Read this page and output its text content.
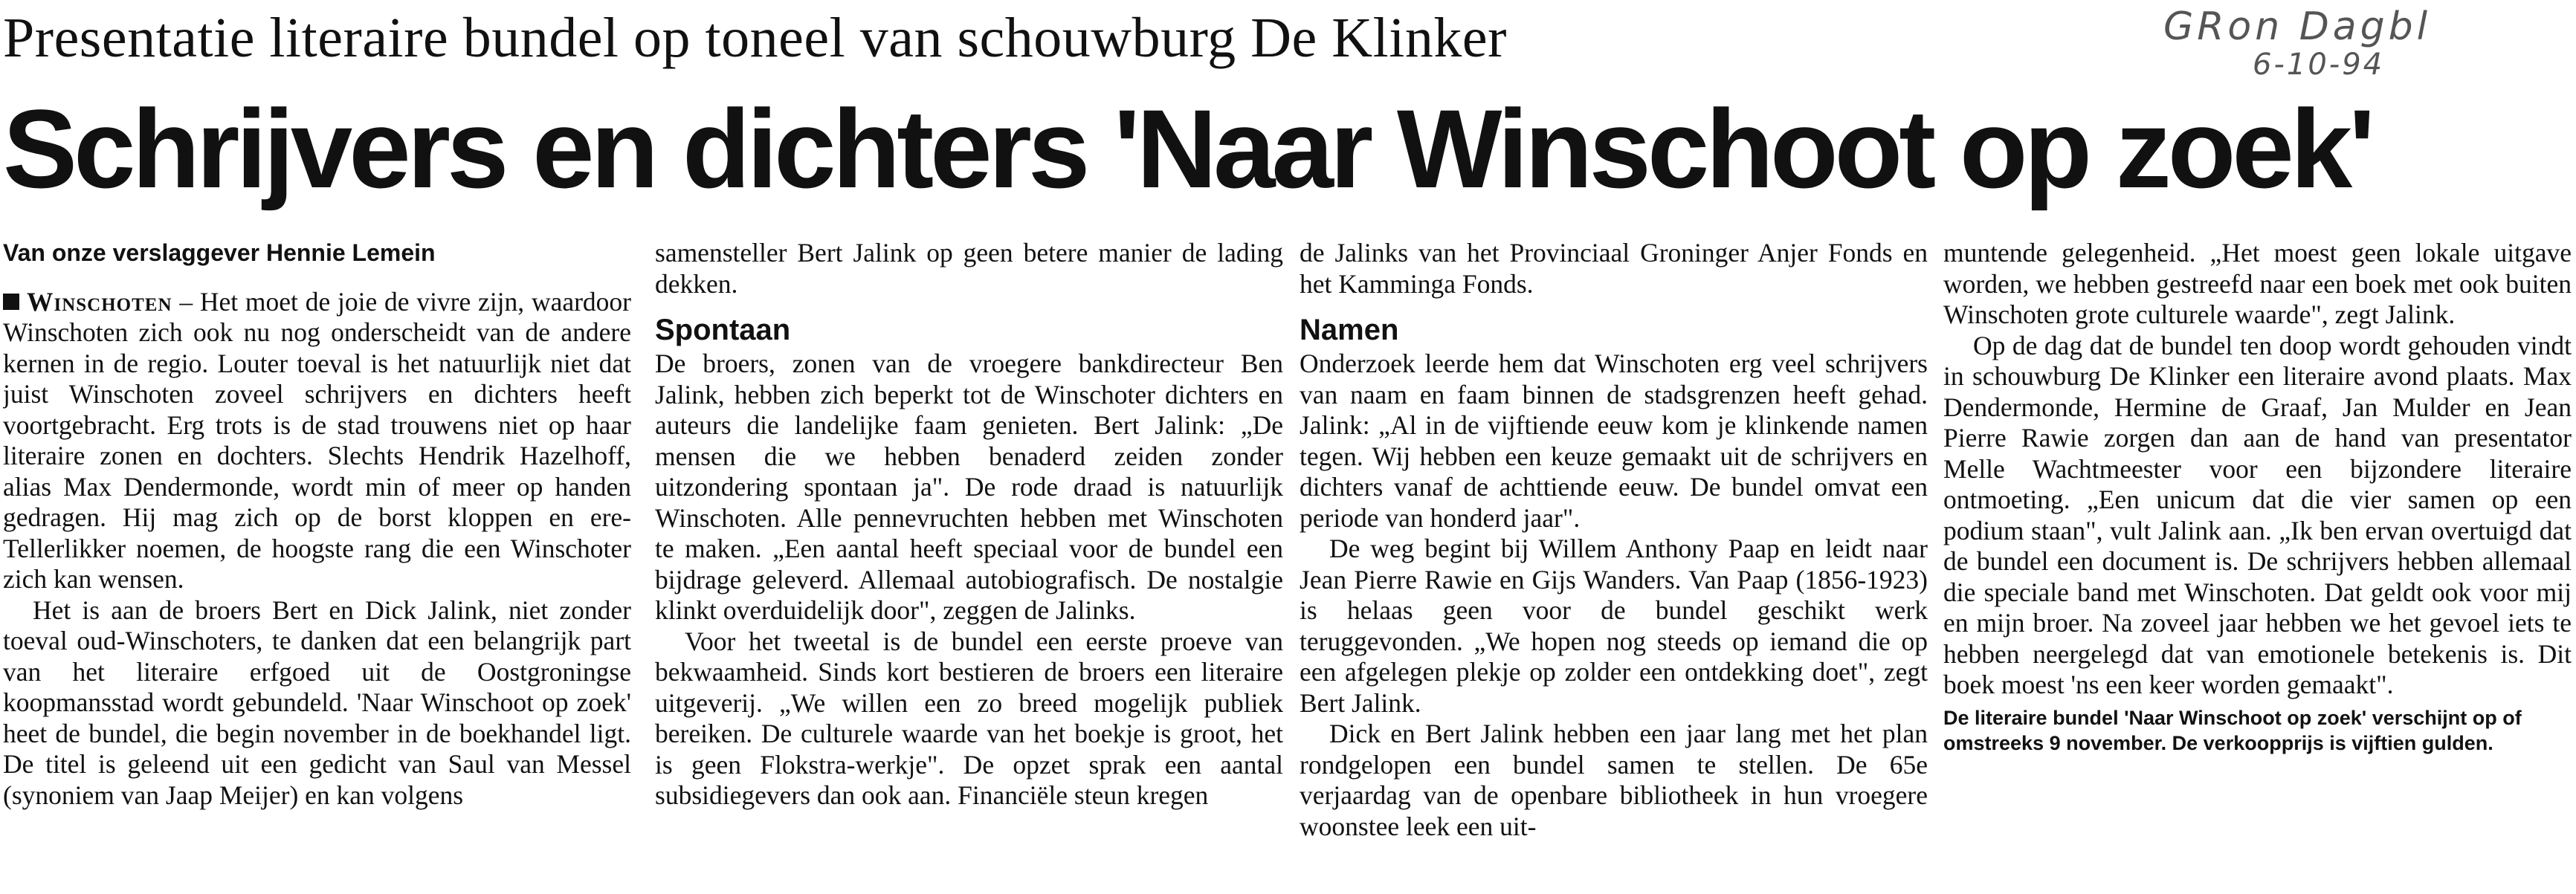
Presentatie literaire bundel op toneel van schouwburg De Klinker	GRon Dagbl
6-10-94
Schrijvers en dichters 'Naar Winschoot op zoek'
Van onze verslaggever Hennie Lemein

Winschoten – Het moet de joie de vivre zijn, waardoor Winschoten zich ook nu nog onderscheidt van de andere kernen in de regio. Louter toeval is het natuurlijk niet dat juist Winschoten zoveel schrijvers en dichters heeft voortgebracht. Erg trots is de stad trouwens niet op haar literaire zonen en dochters. Slechts Hendrik Hazelhoff, alias Max Dendermonde, wordt min of meer op handen gedragen. Hij mag zich op de borst kloppen en ere-Tellerlikker noemen, de hoogste rang die een Winschoter zich kan wensen.

Het is aan de broers Bert en Dick Jalink, niet zonder toeval oud-Winschoters, te danken dat een belangrijk part van het literaire erfgoed uit de Oostgroningse koopmansstad wordt gebundeld. 'Naar Winschoot op zoek' heet de bundel, die begin november in de boekhandel ligt. De titel is geleend uit een gedicht van Saul van Messel (synoniem van Jaap Meijer) en kan volgens

samensteller Bert Jalink op geen betere manier de lading dekken.

Spontaan

De broers, zonen van de vroegere bankdirecteur Ben Jalink, hebben zich beperkt tot de Winschoter dichters en auteurs die landelijke faam genieten. Bert Jalink: „De mensen die we hebben benaderd zeiden zonder uitzondering spontaan ja". De rode draad is natuurlijk Winschoten. Alle pennevruchten hebben met Winschoten te maken. „Een aantal heeft speciaal voor de bundel een bijdrage geleverd. Allemaal autobiografisch. De nostalgie klinkt overduidelijk door", zeggen de Jalinks.

Voor het tweetal is de bundel een eerste proeve van bekwaamheid. Sinds kort bestieren de broers een literaire uitgeverij. „We willen een zo breed mogelijk publiek bereiken. De culturele waarde van het boekje is groot, het is geen Flokstra-werkje". De opzet sprak een aantal subsidiegevers dan ook aan. Financiële steun kregen

de Jalinks van het Provinciaal Groninger Anjer Fonds en het Kamminga Fonds.

Namen

Onderzoek leerde hem dat Winschoten erg veel schrijvers van naam en faam binnen de stadsgrenzen heeft gehad. Jalink: „Al in de vijftiende eeuw kom je klinkende namen tegen. Wij hebben een keuze gemaakt uit de schrijvers en dichters vanaf de achttiende eeuw. De bundel omvat een periode van honderd jaar".

De weg begint bij Willem Anthony Paap en leidt naar Jean Pierre Rawie en Gijs Wanders. Van Paap (1856-1923) is helaas geen voor de bundel geschikt werk teruggevonden. „We hopen nog steeds op iemand die op een afgelegen plekje op zolder een ontdekking doet", zegt Bert Jalink.

Dick en Bert Jalink hebben een jaar lang met het plan rondgelopen een bundel samen te stellen. De 65e verjaardag van de openbare bibliotheek in hun vroegere woonstee leek een uit-

muntende gelegenheid. „Het moest geen lokale uitgave worden, we hebben gestreefd naar een boek met ook buiten Winschoten grote culturele waarde", zegt Jalink.

Op de dag dat de bundel ten doop wordt gehouden vindt in schouwburg De Klinker een literaire avond plaats. Max Dendermonde, Hermine de Graaf, Jan Mulder en Jean Pierre Rawie zorgen dan aan de hand van presentator Melle Wachtmeester voor een bijzondere literaire ontmoeting. „Een unicum dat die vier samen op een podium staan", vult Jalink aan. „Ik ben ervan overtuigd dat de bundel een document is. De schrijvers hebben allemaal die speciale band met Winschoten. Dat geldt ook voor mij en mijn broer. Na zoveel jaar hebben we het gevoel iets te hebben neergelegd dat van emotionele betekenis is. Dit boek moest 'ns een keer worden gemaakt".

De literaire bundel 'Naar Winschoot op zoek' verschijnt op of omstreeks 9 november. De verkoopprijs is vijftien gulden.
